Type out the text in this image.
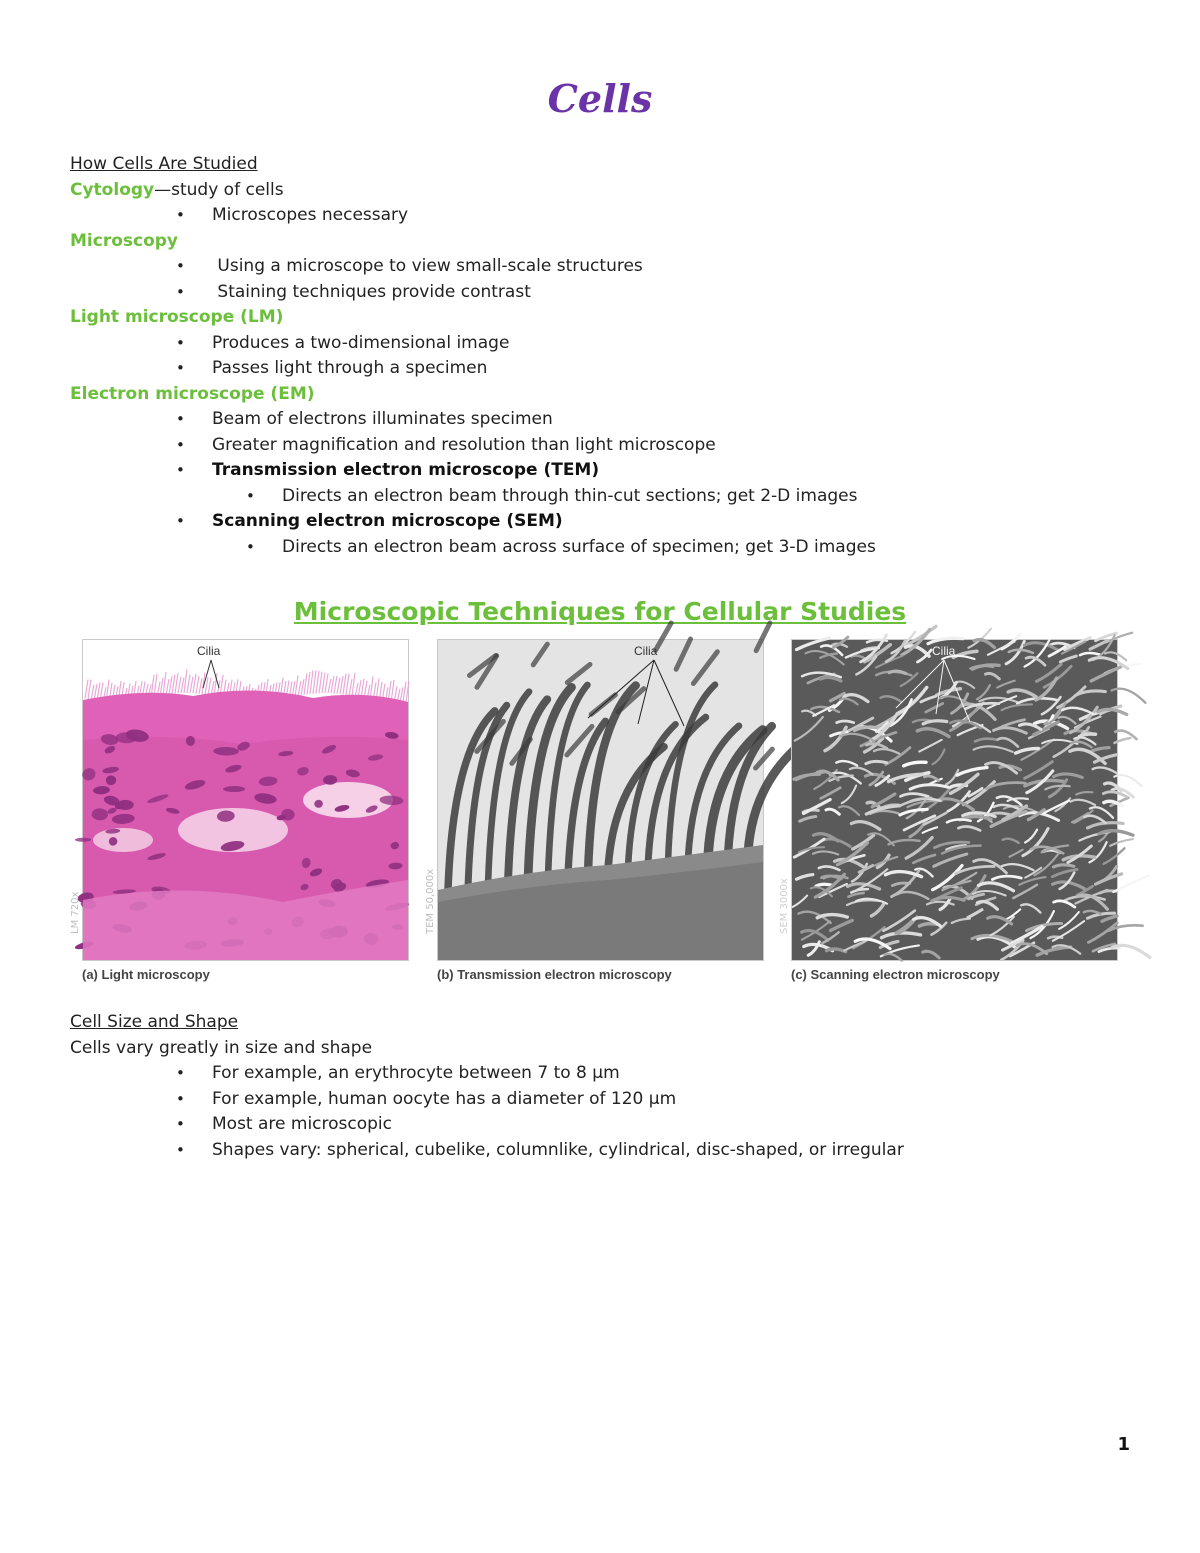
Cells
How Cells Are Studied
Cytology—study of cells
• Microscopes necessary
Microscopy
• Using a microscope to view small-scale structures
• Staining techniques provide contrast
Light microscope (LM)
• Produces a two-dimensional image
• Passes light through a specimen
Electron microscope (EM)
• Beam of electrons illuminates specimen
• Greater magnification and resolution than light microscope
• Transmission electron microscope (TEM)
• Directs an electron beam through thin-cut sections; get 2-D images
• Scanning electron microscope (SEM)
• Directs an electron beam across surface of specimen; get 3-D images
Microscopic Techniques for Cellular Studies
Cilia
LM 720x
Cilia
TEM 50,000x
Cilia
SEM 3000x
(a) Light microscopy	(b) Transmission electron microscopy	(c) Scanning electron microscopy
Cell Size and Shape
Cells vary greatly in size and shape
• For example, an erythrocyte between 7 to 8 μm
• For example, human oocyte has a diameter of 120 μm
• Most are microscopic
• Shapes vary: spherical, cubelike, columnlike, cylindrical, disc-shaped, or irregular
1
